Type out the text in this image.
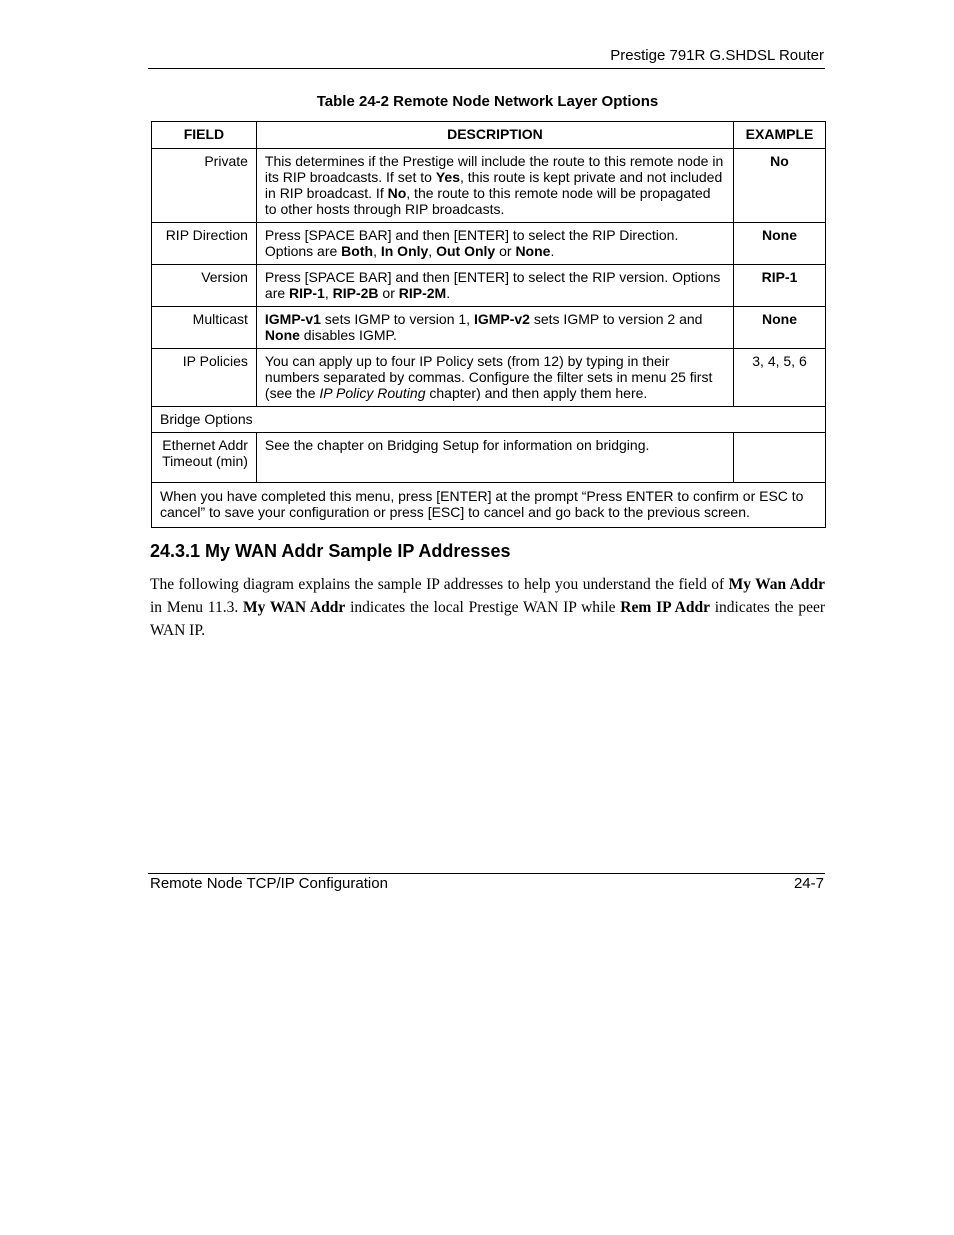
Prestige 791R G.SHDSL Router
Table 24-2 Remote Node Network Layer Options
FIELD	DESCRIPTION	EXAMPLE
Private	This determines if the Prestige will include the route to this remote node in its RIP broadcasts. If set to Yes, this route is kept private and not included in RIP broadcast. If No, the route to this remote node will be propagated to other hosts through RIP broadcasts.	No
RIP Direction	Press [SPACE BAR] and then [ENTER] to select the RIP Direction. Options are Both, In Only, Out Only or None.	None
Version	Press [SPACE BAR] and then [ENTER] to select the RIP version. Options are RIP-1, RIP-2B or RIP-2M.	RIP-1
Multicast	IGMP-v1 sets IGMP to version 1, IGMP-v2 sets IGMP to version 2 and None disables IGMP.	None
IP Policies	You can apply up to four IP Policy sets (from 12) by typing in their numbers separated by commas. Configure the filter sets in menu 25 first (see the IP Policy Routing chapter) and then apply them here.	3, 4, 5, 6
Bridge Options		
Ethernet Addr Timeout (min)	See the chapter on Bridging Setup for information on bridging.	
When you have completed this menu, press [ENTER] at the prompt “Press ENTER to confirm or ESC to cancel” to save your configuration or press [ESC] to cancel and go back to the previous screen.		
24.3.1 My WAN Addr Sample IP Addresses
The following diagram explains the sample IP addresses to help you understand the field of My Wan Addr in Menu 11.3. My WAN Addr indicates the local Prestige WAN IP while Rem IP Addr indicates the peer WAN IP.
Remote Node TCP/IP Configuration	24-7
